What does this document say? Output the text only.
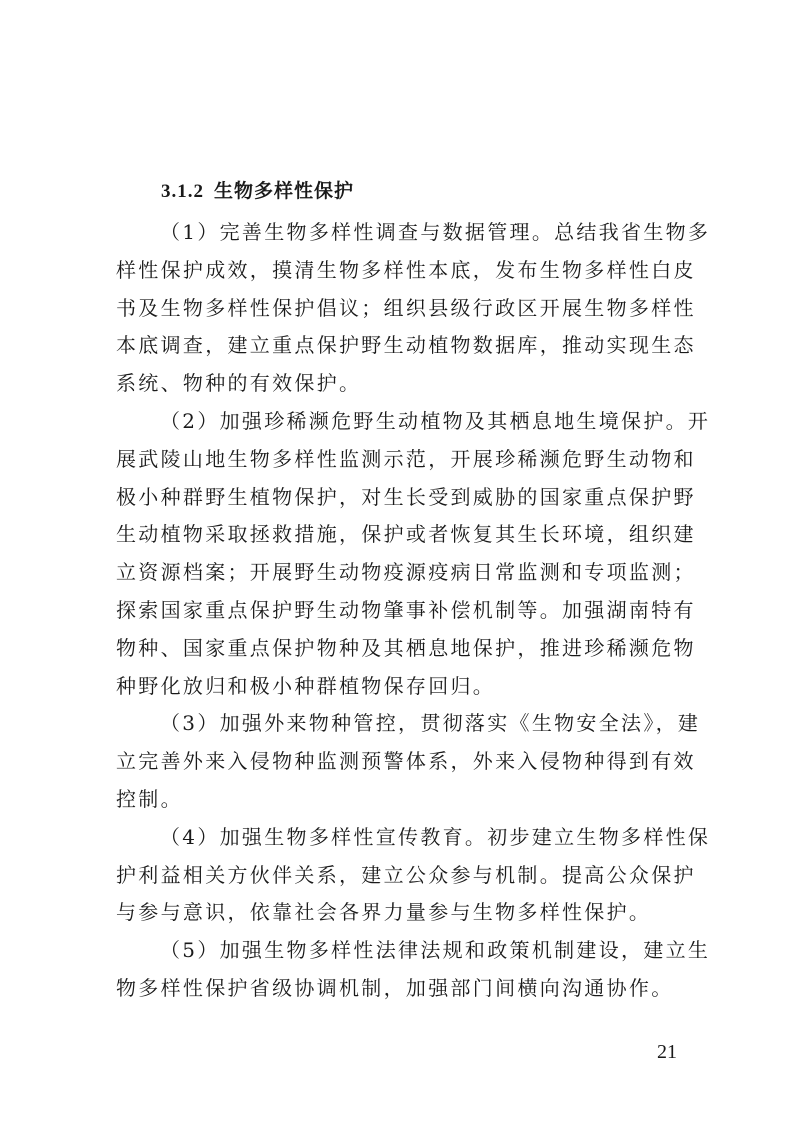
3.1.2 生物多样性保护
（1）完善生物多样性调查与数据管理。总结我省生物多
样性保护成效，摸清生物多样性本底，发布生物多样性白皮
书及生物多样性保护倡议；组织县级行政区开展生物多样性
本底调查，建立重点保护野生动植物数据库，推动实现生态
系统、物种的有效保护。
（2）加强珍稀濒危野生动植物及其栖息地生境保护。开
展武陵山地生物多样性监测示范，开展珍稀濒危野生动物和
极小种群野生植物保护，对生长受到威胁的国家重点保护野
生动植物采取拯救措施，保护或者恢复其生长环境，组织建
立资源档案；开展野生动物疫源疫病日常监测和专项监测；
探索国家重点保护野生动物肇事补偿机制等。加强湖南特有
物种、国家重点保护物种及其栖息地保护，推进珍稀濒危物
种野化放归和极小种群植物保存回归。
（3）加强外来物种管控，贯彻落实《生物安全法》，建
立完善外来入侵物种监测预警体系，外来入侵物种得到有效
控制。
（4）加强生物多样性宣传教育。初步建立生物多样性保
护利益相关方伙伴关系，建立公众参与机制。提高公众保护
与参与意识，依靠社会各界力量参与生物多样性保护。
（5）加强生物多样性法律法规和政策机制建设，建立生
物多样性保护省级协调机制，加强部门间横向沟通协作。
21
